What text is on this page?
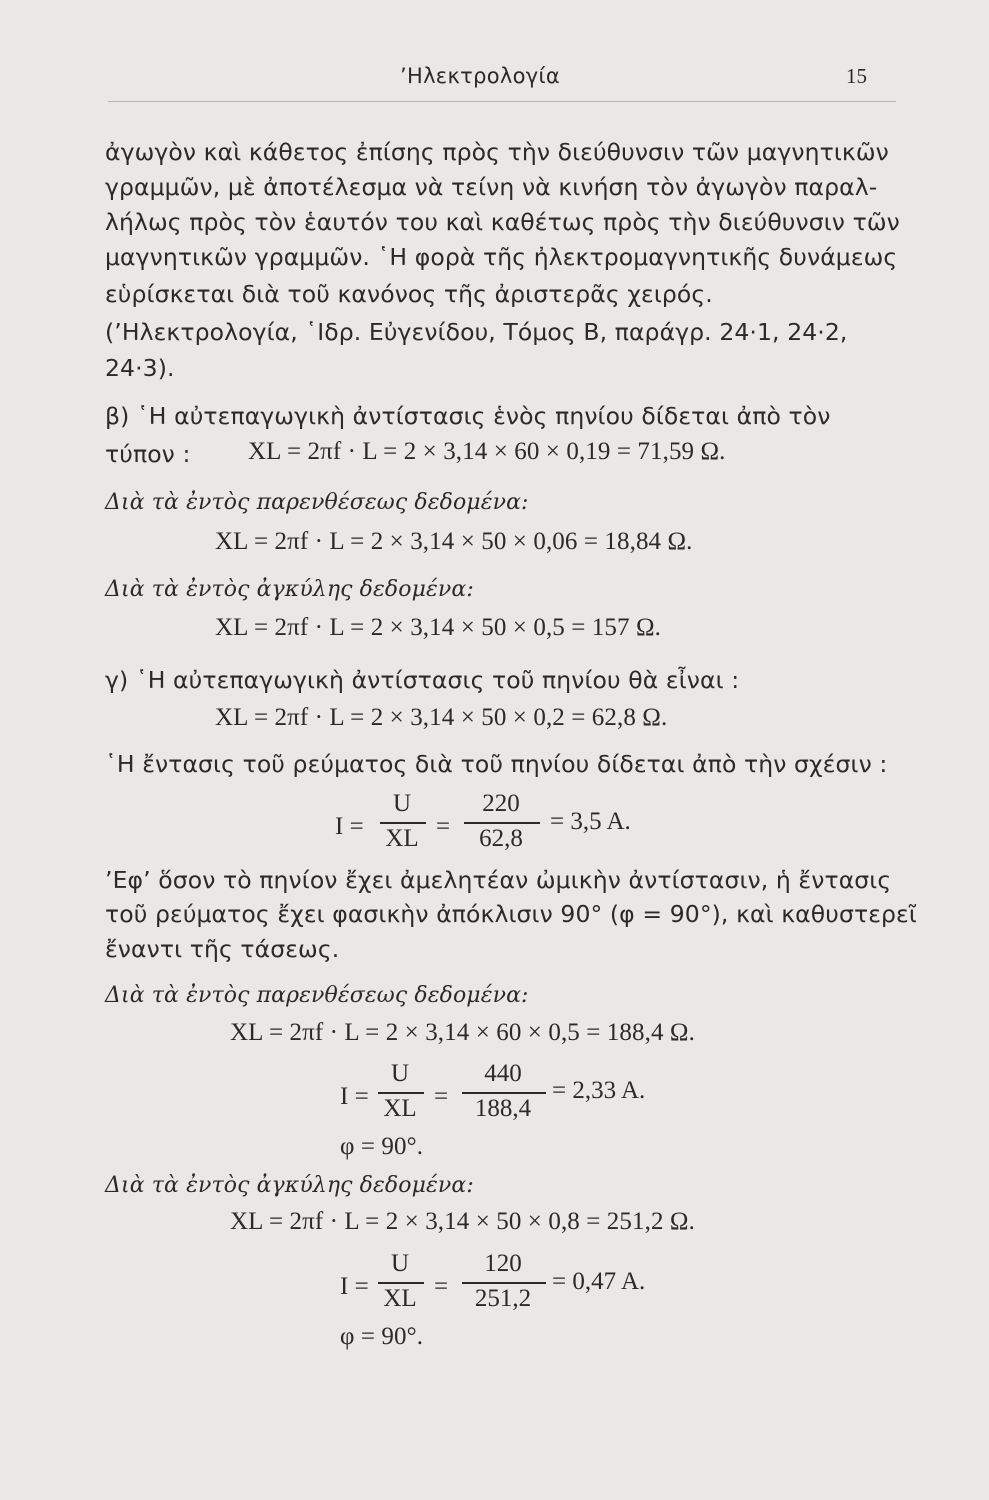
’Ηλεκτρολογία	15
ἀγωγὸν καὶ κάθετος ἐπίσης πρὸς τὴν διεύθυνσιν τῶν μαγνητικῶν
γραμμῶν, μὲ ἀποτέλεσμα νὰ τείνη νὰ κινήση τὸν ἀγωγὸν παραλ-
λήλως πρὸς τὸν ἑαυτόν του καὶ καθέτως πρὸς τὴν διεύθυνσιν τῶν
μαγνητικῶν γραμμῶν. ῾Η φορὰ τῆς ἠλεκτρομαγνητικῆς δυνάμεως
εὑρίσκεται διὰ τοῦ κανόνος τῆς ἀριστερᾶς χειρός.
(’Ηλεκτρολογία, ῾Ιδρ. Εὐγενίδου, Τόμος Β, παράγρ. 24·1, 24·2,
24·3).
β) ῾Η αὐτεπαγωγικὴ ἀντίστασις ἑνὸς πηνίου δίδεται ἀπὸ τὸν
τύπον : XL = 2πf · L = 2 × 3,14 × 60 × 0,19 = 71,59 Ω.
Διὰ τὰ ἐντὸς παρενθέσεως δεδομένα:
XL = 2πf · L = 2 × 3,14 × 50 × 0,06 = 18,84 Ω.
Διὰ τὰ ἐντὸς ἀγκύλης δεδομένα:
XL = 2πf · L = 2 × 3,14 × 50 × 0,5 = 157 Ω.
γ) ῾Η αὐτεπαγωγικὴ ἀντίστασις τοῦ πηνίου θὰ εἶναι :
XL = 2πf · L = 2 × 3,14 × 50 × 0,2 = 62,8 Ω.
῾Η ἔντασις τοῦ ρεύματος διὰ τοῦ πηνίου δίδεται ἀπὸ τὴν σχέσιν :
I =
U
XL =
220
62,8
= 3,5 A.
’Εφ’ ὅσον τὸ πηνίον ἔχει ἀμελητέαν ὠμικὴν ἀντίστασιν, ἡ ἔντασις
τοῦ ρεύματος ἔχει φασικὴν ἀπόκλισιν 90° (φ = 90°), καὶ καθυστερεῖ
ἔναντι τῆς τάσεως.
Διὰ τὰ ἐντὸς παρενθέσεως δεδομένα:
XL = 2πf · L = 2 × 3,14 × 60 × 0,5 = 188,4 Ω.
I =
U
XL =
440
188,4
= 2,33 A.
φ = 90°.
Διὰ τὰ ἐντὸς ἀγκύλης δεδομένα:
XL = 2πf · L = 2 × 3,14 × 50 × 0,8 = 251,2 Ω.
I =
U
XL =
120
251,2
= 0,47 A.
φ = 90°.
